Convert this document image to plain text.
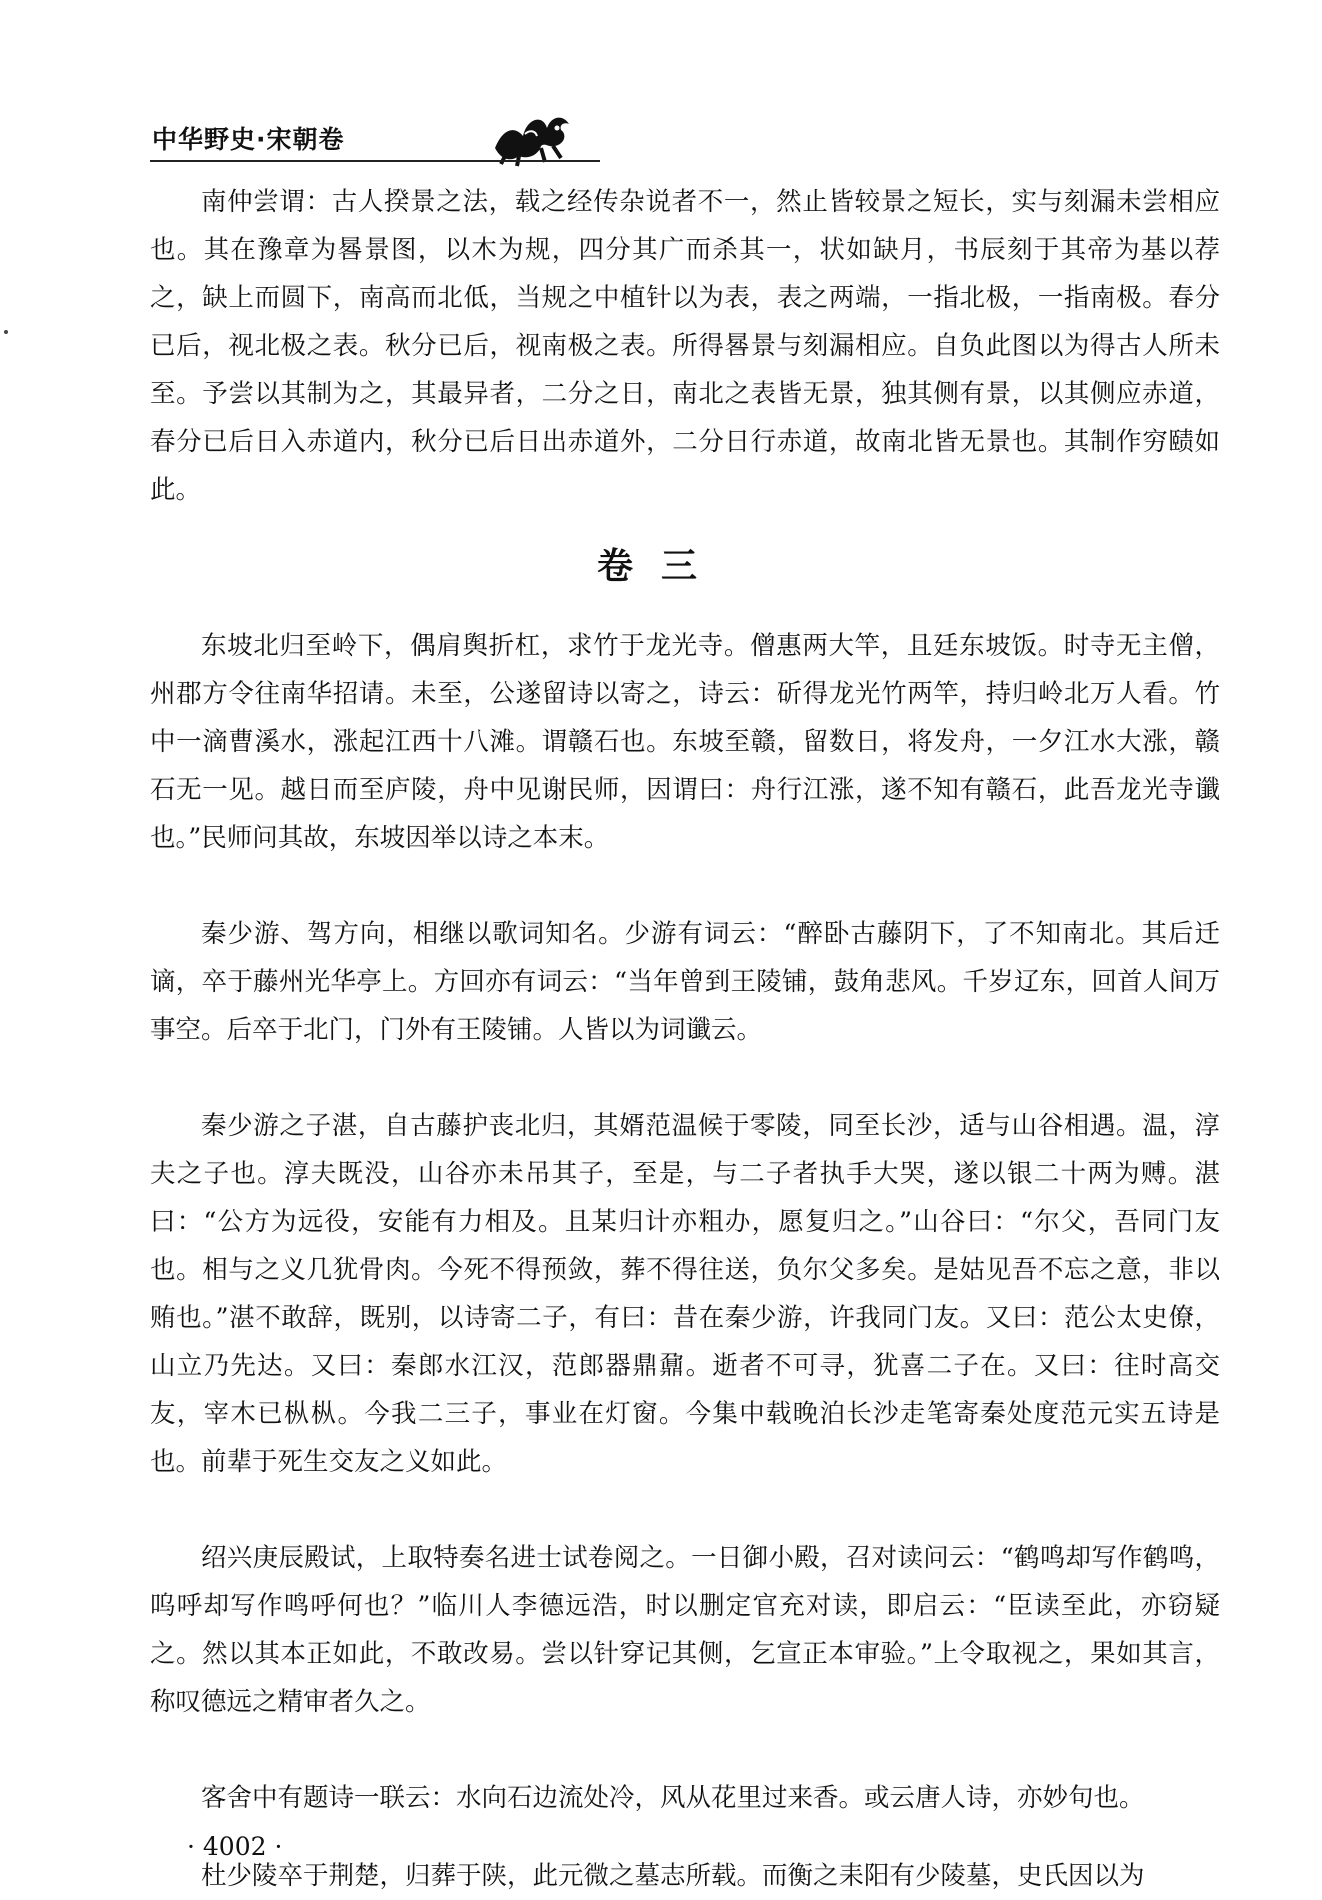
中华野史·宋朝卷

南仲尝谓：古人揆景之法，载之经传杂说者不一，然止皆较景之短长，实与刻漏未尝相应也。其在豫章为晷景图，以木为规，四分其广而杀其一，状如缺月，书辰刻于其帝为基以荐之，缺上而圆下，南高而北低，当规之中植针以为表，表之两端，一指北极，一指南极。春分已后，视北极之表。秋分已后，视南极之表。所得晷景与刻漏相应。自负此图以为得古人所未至。予尝以其制为之，其最异者，二分之日，南北之表皆无景，独其侧有景，以其侧应赤道，春分已后日入赤道内，秋分已后日出赤道外，二分日行赤道，故南北皆无景也。其制作穷赜如此。

卷三

东坡北归至岭下，偶肩舆折杠，求竹于龙光寺。僧惠两大竿，且廷东坡饭。时寺无主僧，州郡方令往南华招请。未至，公遂留诗以寄之，诗云：斫得龙光竹两竿，持归岭北万人看。竹中一滴曹溪水，涨起江西十八滩。谓赣石也。东坡至赣，留数日，将发舟，一夕江水大涨，赣石无一见。越日而至庐陵，舟中见谢民师，因谓曰：舟行江涨，遂不知有赣石，此吾龙光寺谶也。”民师问其故，东坡因举以诗之本末。

秦少游、驾方向，相继以歌词知名。少游有词云：“醉卧古藤阴下，了不知南北。其后迁谪，卒于藤州光华亭上。方回亦有词云：“当年曾到王陵铺，鼓角悲风。千岁辽东，回首人间万事空。后卒于北门，门外有王陵铺。人皆以为词谶云。

秦少游之子湛，自古藤护丧北归，其婿范温候于零陵，同至长沙，适与山谷相遇。温，淳夫之子也。淳夫既没，山谷亦未吊其子，至是，与二子者执手大哭，遂以银二十两为赙。湛曰：“公方为远役，安能有力相及。且某归计亦粗办，愿复归之。”山谷曰：“尔父，吾同门友也。相与之义几犹骨肉。今死不得预敛，葬不得往送，负尔父多矣。是姑见吾不忘之意，非以贿也。”湛不敢辞，既别，以诗寄二子，有曰：昔在秦少游，许我同门友。又曰：范公太史僚，山立乃先达。又曰：秦郎水江汉，范郎器鼎鼐。逝者不可寻，犹喜二子在。又曰：往时高交友，宰木已枞枞。今我二三子，事业在灯窗。今集中载晚泊长沙走笔寄秦处度范元实五诗是也。前辈于死生交友之义如此。

绍兴庚辰殿试，上取特奏名进士试卷阅之。一日御小殿，召对读问云：“鹤鸣却写作鹤鸣，呜呼却写作鸣呼何也？”临川人李德远浩，时以删定官充对读，即启云：“臣读至此，亦窃疑之。然以其本正如此，不敢改易。尝以针穿记其侧，乞宣正本审验。”上令取视之，果如其言，称叹德远之精审者久之。

客舍中有题诗一联云：水向石边流处冷，风从花里过来香。或云唐人诗，亦妙句也。

杜少陵卒于荆楚，归葬于陕，此元微之墓志所载。而衡之耒阳有少陵墓，史氏因以为

· 4002 ·
